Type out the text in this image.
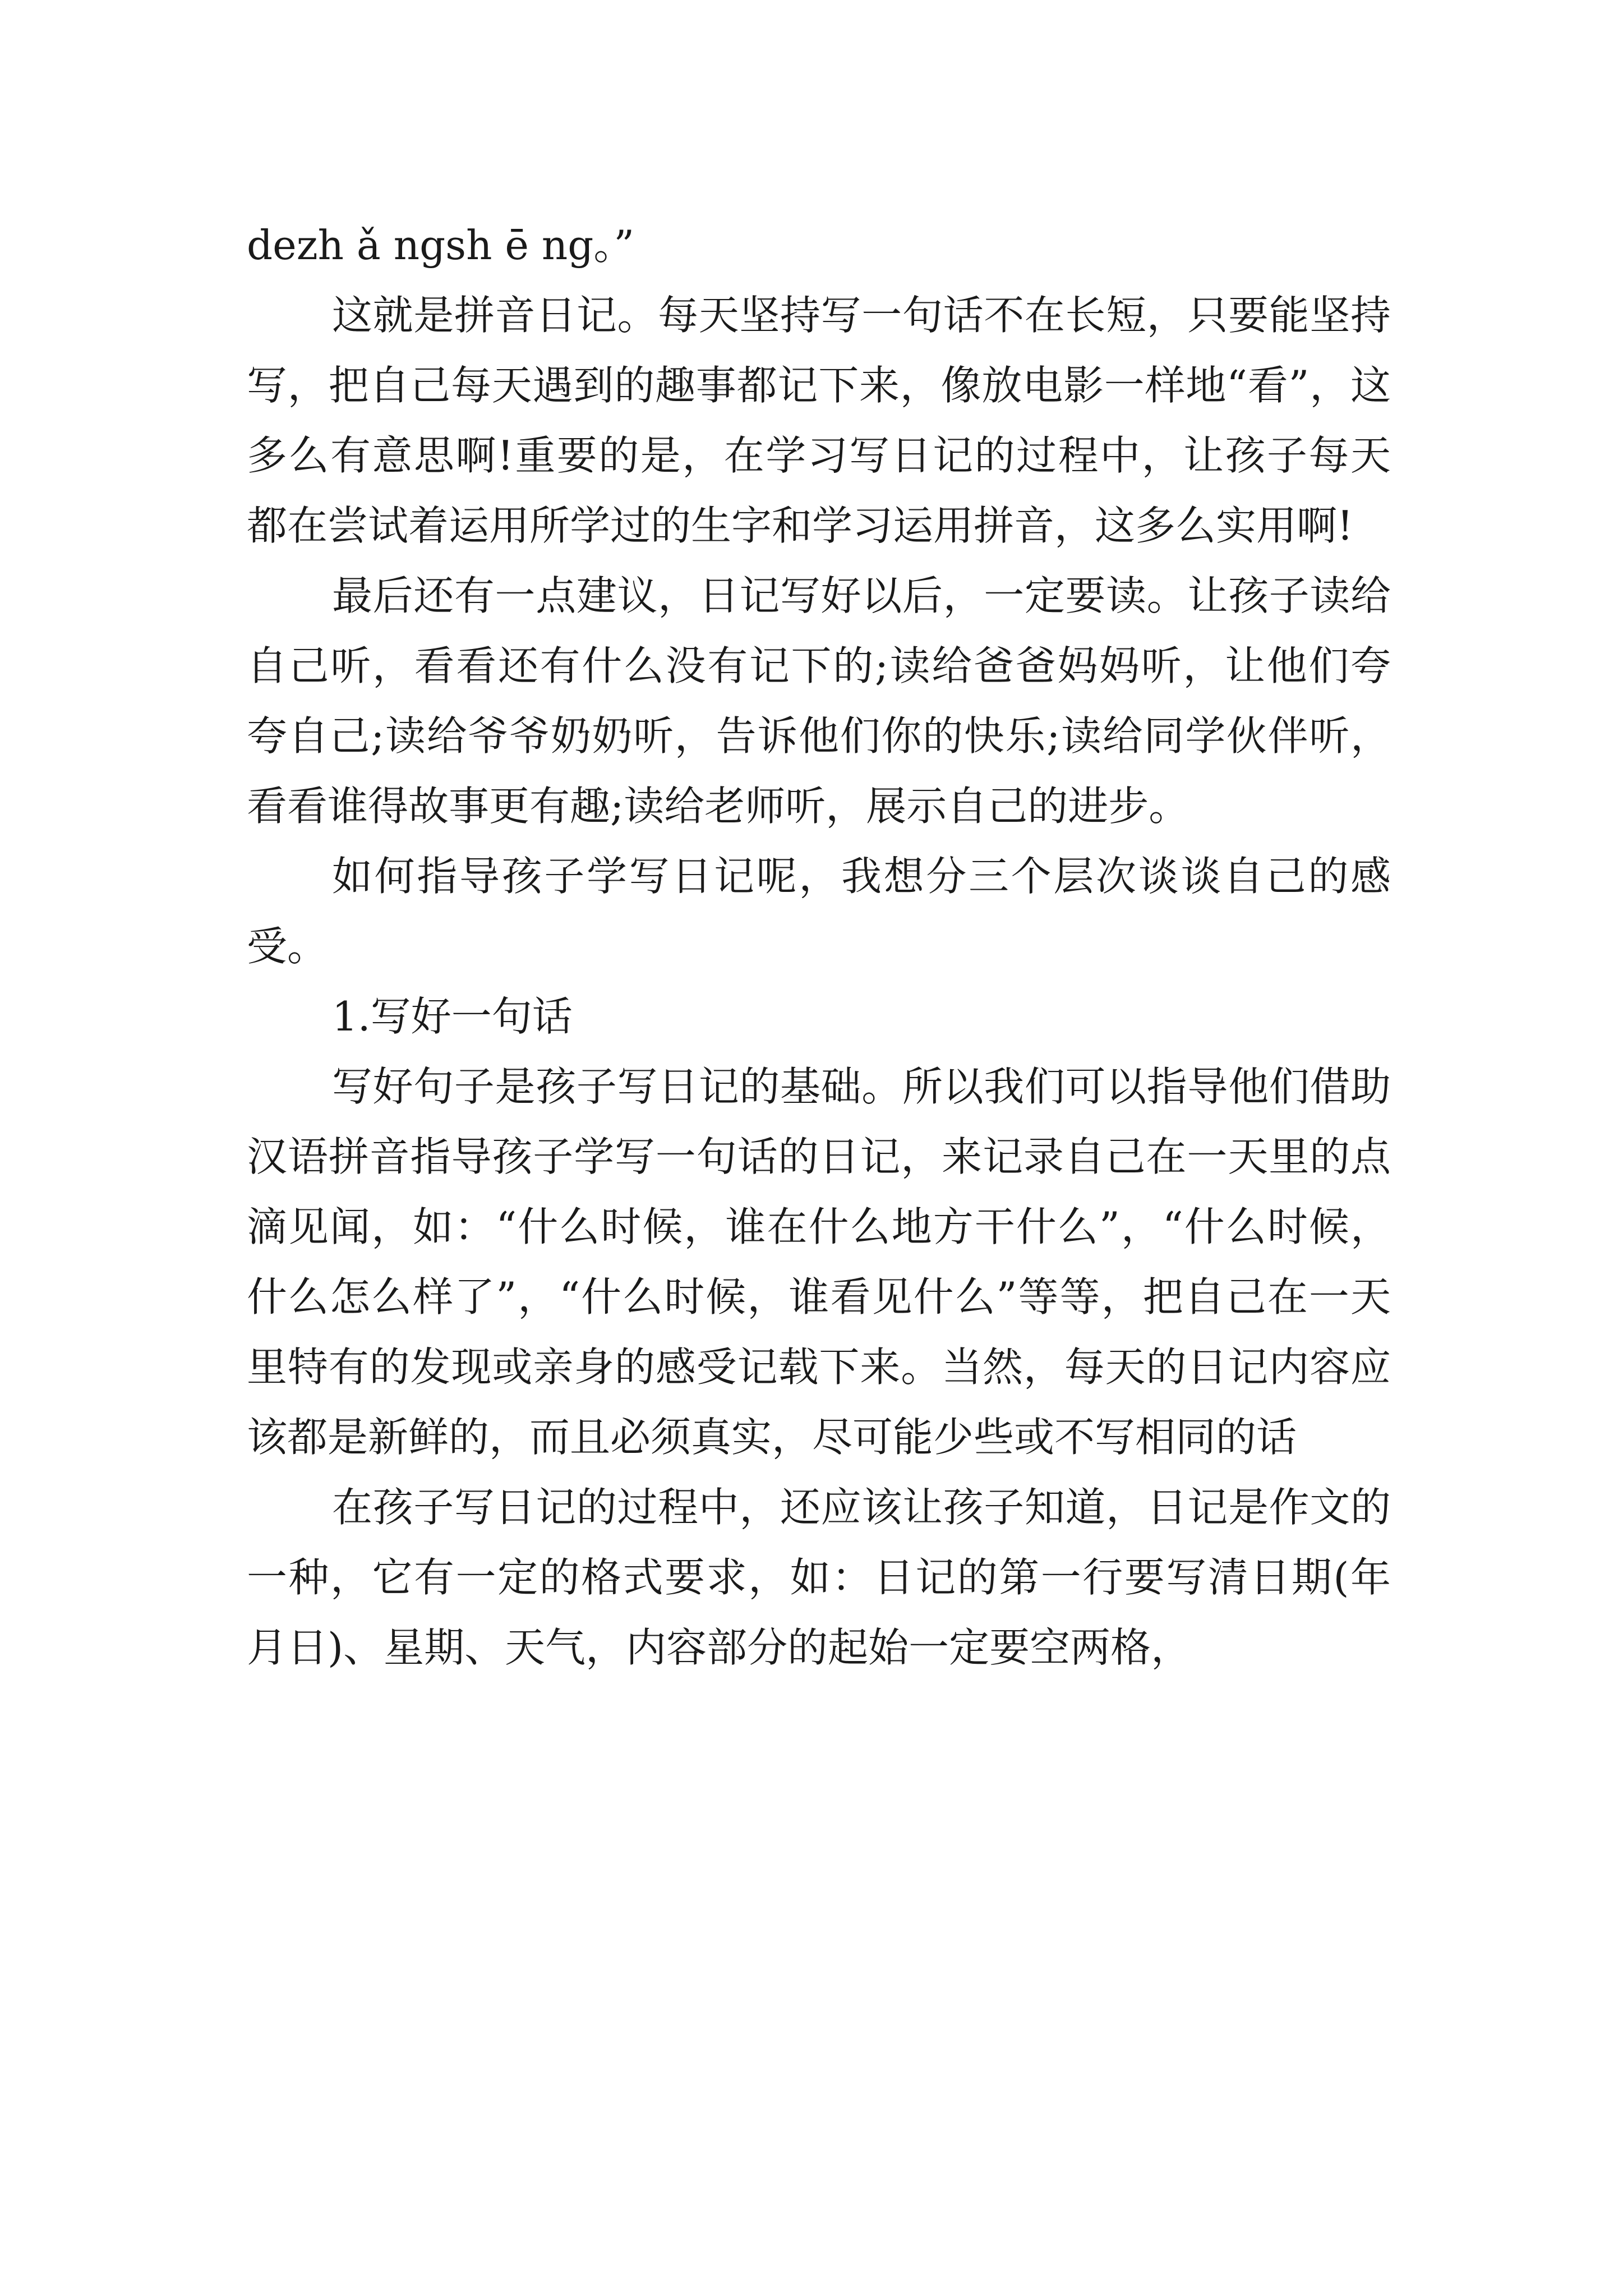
dezh ǎ ngsh ē ng。”

这就是拼音日记。每天坚持写一句话不在长短，只要能坚持写，把自己每天遇到的趣事都记下来，像放电影一样地“看”，这多么有意思啊!重要的是，在学习写日记的过程中，让孩子每天都在尝试着运用所学过的生字和学习运用拼音，这多么实用啊!

最后还有一点建议，日记写好以后，一定要读。让孩子读给自己听，看看还有什么没有记下的;读给爸爸妈妈听，让他们夸夸自己;读给爷爷奶奶听，告诉他们你的快乐;读给同学伙伴听，看看谁得故事更有趣;读给老师听，展示自己的进步。

如何指导孩子学写日记呢，我想分三个层次谈谈自己的感受。

1.写好一句话

写好句子是孩子写日记的基础。所以我们可以指导他们借助汉语拼音指导孩子学写一句话的日记，来记录自己在一天里的点滴见闻，如：“什么时候，谁在什么地方干什么”，“什么时候，什么怎么样了”，“什么时候，谁看见什么”等等，把自己在一天里特有的发现或亲身的感受记载下来。当然，每天的日记内容应该都是新鲜的，而且必须真实，尽可能少些或不写相同的话

在孩子写日记的过程中，还应该让孩子知道，日记是作文的一种，它有一定的格式要求，如：日记的第一行要写清日期(年月日)、星期、天气，内容部分的起始一定要空两格，
